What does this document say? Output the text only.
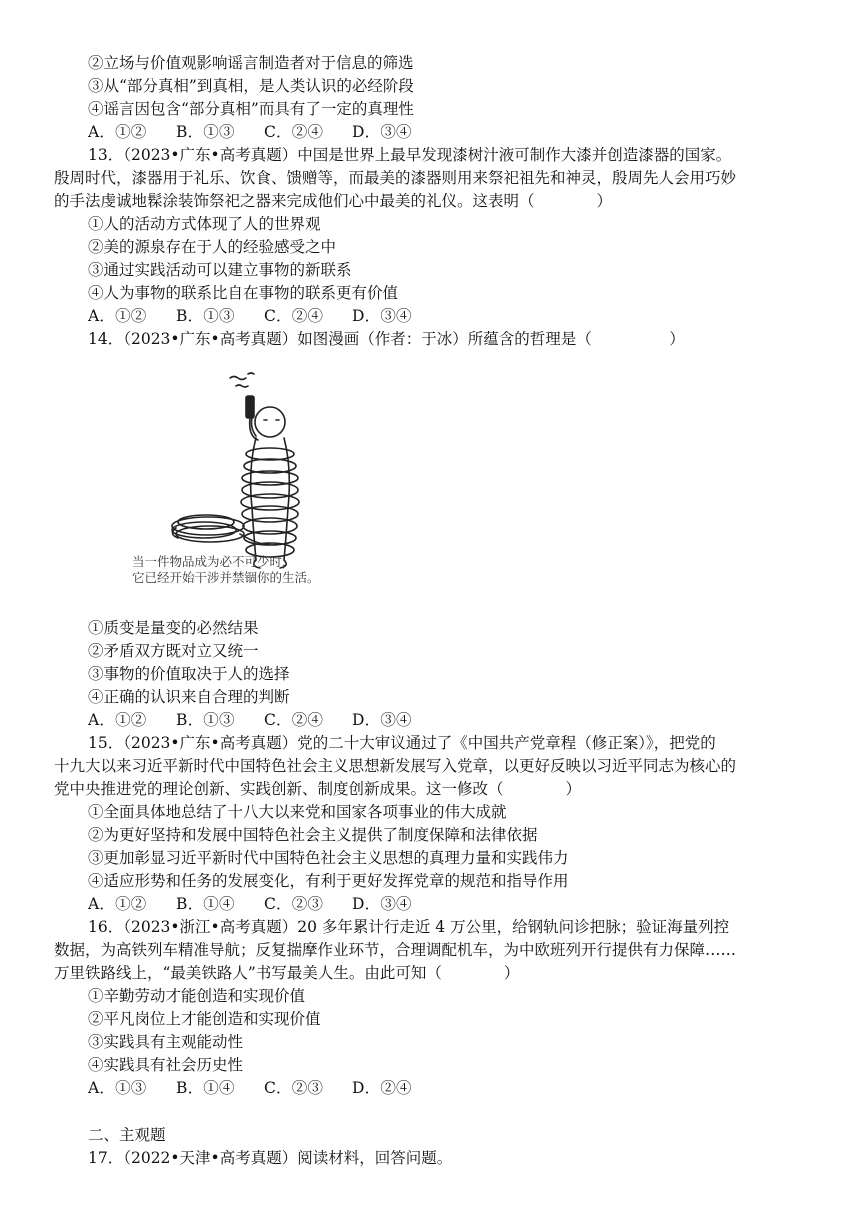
②立场与价值观影响谣言制造者对于信息的筛选
③从“部分真相”到真相，是人类认识的必经阶段
④谣言因包含“部分真相”而具有了一定的真理性
A．①② B．①③ C．②④ D．③④
13．（2023•广东•高考真题）中国是世界上最早发现漆树汁液可制作大漆并创造漆器的国家。
殷周时代，漆器用于礼乐、饮食、馈赠等，而最美的漆器则用来祭祀祖先和神灵，殷周先人会用巧妙
的手法虔诚地髹涂装饰祭祀之器来完成他们心中最美的礼仪。这表明（　　　　）
①人的活动方式体现了人的世界观
②美的源泉存在于人的经验感受之中
③通过实践活动可以建立事物的新联系
④人为事物的联系比自在事物的联系更有价值
A．①② B．①③ C．②④ D．③④
14．（2023•广东•高考真题）如图漫画（作者：于冰）所蕴含的哲理是（　　　　　）
当一件物品成为必不可少时，
它已经开始干涉并禁锢你的生活。
①质变是量变的必然结果
②矛盾双方既对立又统一
③事物的价值取决于人的选择
④正确的认识来自合理的判断
A．①② B．①③ C．②④ D．③④
15．（2023•广东•高考真题）党的二十大审议通过了《中国共产党章程（修正案）》，把党的
十九大以来习近平新时代中国特色社会主义思想新发展写入党章，以更好反映以习近平同志为核心的
党中央推进党的理论创新、实践创新、制度创新成果。这一修改（　　　　）
①全面具体地总结了十八大以来党和国家各项事业的伟大成就
②为更好坚持和发展中国特色社会主义提供了制度保障和法律依据
③更加彰显习近平新时代中国特色社会主义思想的真理力量和实践伟力
④适应形势和任务的发展变化，有利于更好发挥党章的规范和指导作用
A．①② B．①④ C．②③ D．③④
16．（2023•浙江•高考真题）20 多年累计行走近 4 万公里，给钢轨问诊把脉；验证海量列控
数据，为高铁列车精准导航；反复揣摩作业环节，合理调配机车，为中欧班列开行提供有力保障……
万里铁路线上，“最美铁路人”书写最美人生。由此可知（　　　　）
①辛勤劳动才能创造和实现价值
②平凡岗位上才能创造和实现价值
③实践具有主观能动性
④实践具有社会历史性
A．①③ B．①④ C．②③ D．②④
二、主观题
17．（2022•天津•高考真题）阅读材料，回答问题。
